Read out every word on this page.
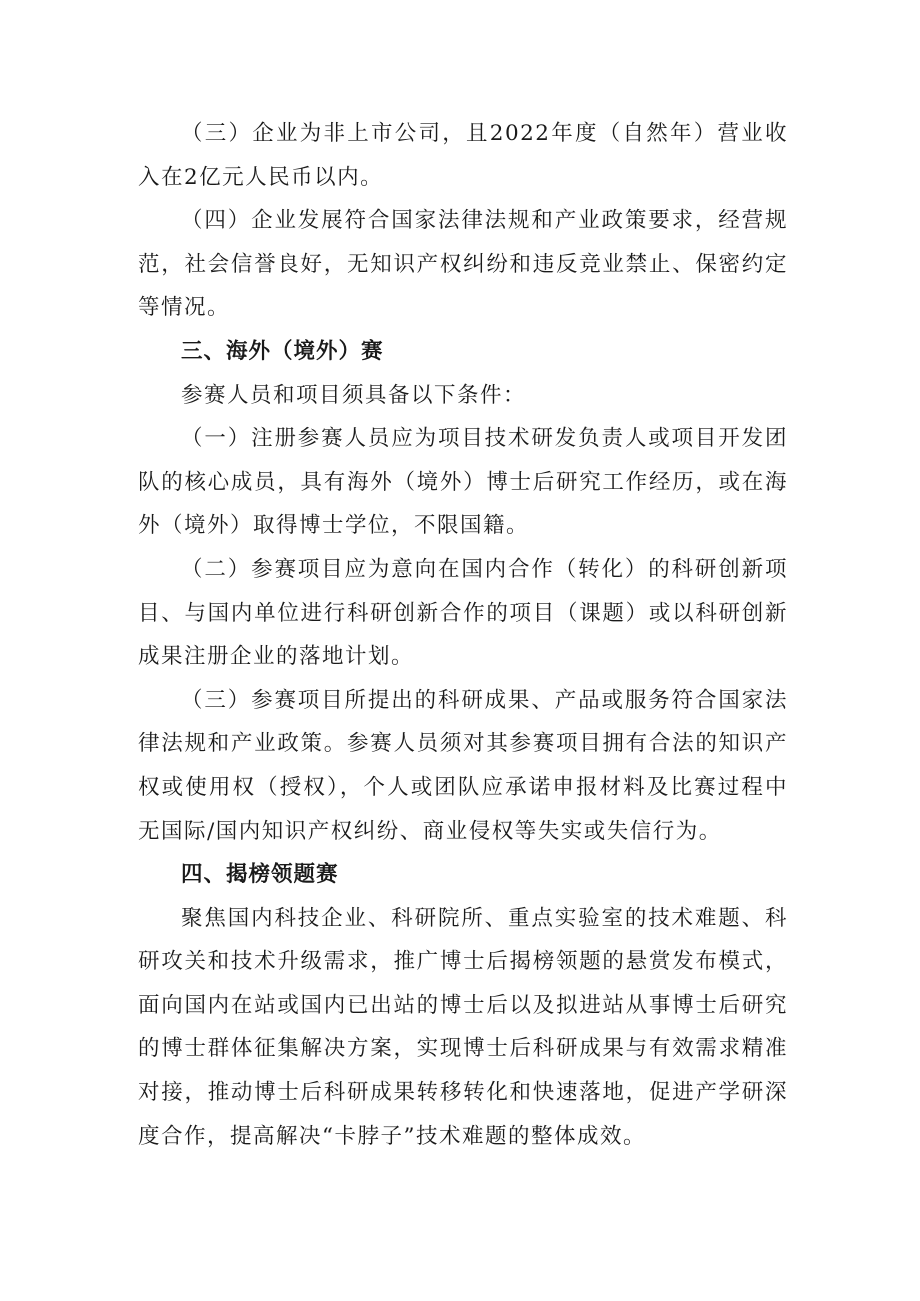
（三）企业为非上市公司，且2022年度（自然年）营业收入在2亿元人民币以内。

（四）企业发展符合国家法律法规和产业政策要求，经营规范，社会信誉良好，无知识产权纠纷和违反竞业禁止、保密约定等情况。

三、海外（境外）赛

参赛人员和项目须具备以下条件：

（一）注册参赛人员应为项目技术研发负责人或项目开发团队的核心成员，具有海外（境外）博士后研究工作经历，或在海外（境外）取得博士学位，不限国籍。

（二）参赛项目应为意向在国内合作（转化）的科研创新项目、与国内单位进行科研创新合作的项目（课题）或以科研创新成果注册企业的落地计划。

（三）参赛项目所提出的科研成果、产品或服务符合国家法律法规和产业政策。参赛人员须对其参赛项目拥有合法的知识产权或使用权（授权），个人或团队应承诺申报材料及比赛过程中无国际/国内知识产权纠纷、商业侵权等失实或失信行为。

四、揭榜领题赛

聚焦国内科技企业、科研院所、重点实验室的技术难题、科研攻关和技术升级需求，推广博士后揭榜领题的悬赏发布模式，面向国内在站或国内已出站的博士后以及拟进站从事博士后研究的博士群体征集解决方案，实现博士后科研成果与有效需求精准对接，推动博士后科研成果转移转化和快速落地，促进产学研深度合作，提高解决“卡脖子”技术难题的整体成效。
